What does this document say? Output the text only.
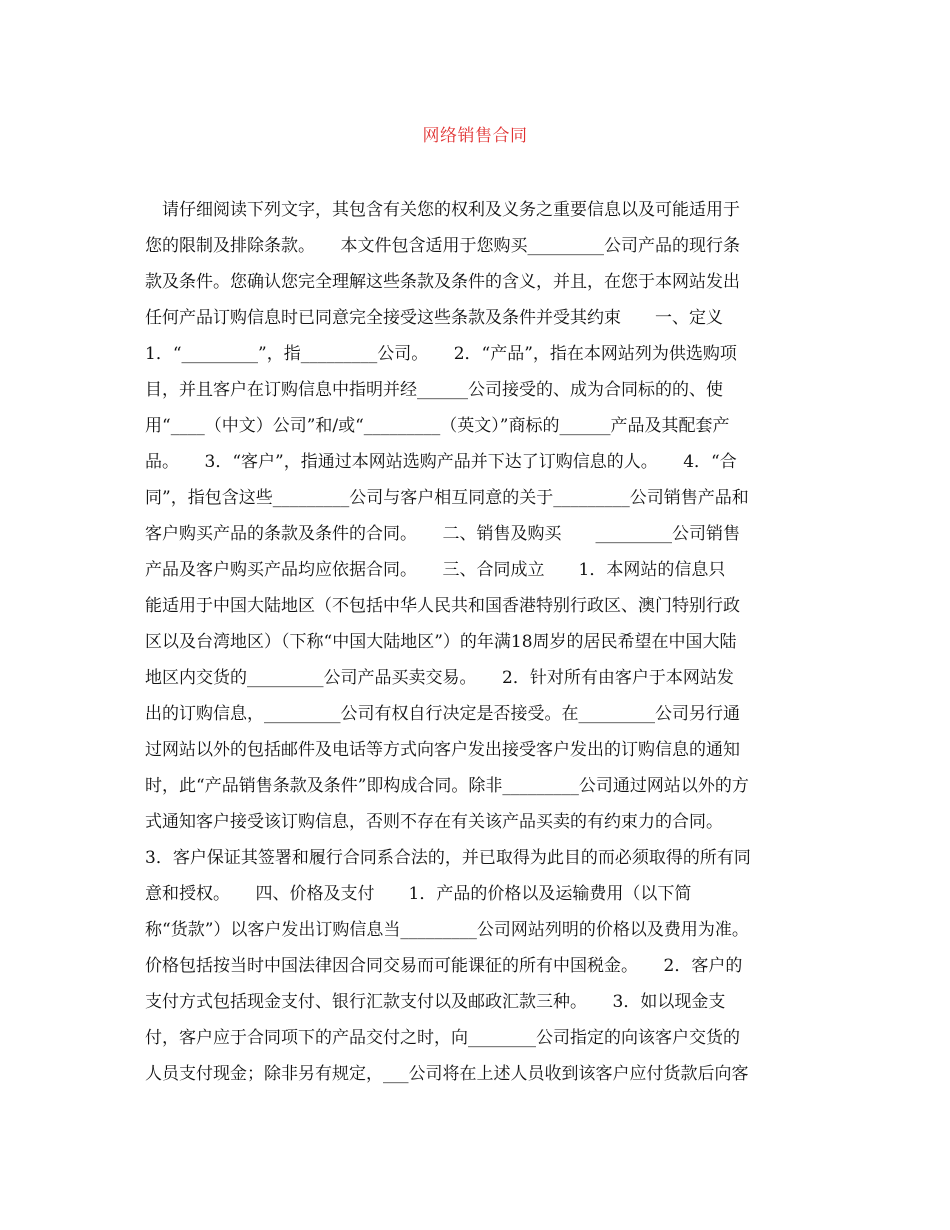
网络销售合同
　请仔细阅读下列文字，其包含有关您的权利及义务之重要信息以及可能适用于
您的限制及排除条款。　　本文件包含适用于您购买_________公司产品的现行条
款及条件。您确认您完全理解这些条款及条件的含义，并且，在您于本网站发出
任何产品订购信息时已同意完全接受这些条款及条件并受其约束　　一、定义
1．“_________”，指_________公司。　　2．“产品”，指在本网站列为供选购项
目，并且客户在订购信息中指明并经______公司接受的、成为合同标的的、使
用“____（中文）公司”和/或“_________（英文）”商标的______产品及其配套产
品。　　3．“客户”，指通过本网站选购产品并下达了订购信息的人。　　4．“合
同”，指包含这些_________公司与客户相互同意的关于_________公司销售产品和
客户购买产品的条款及条件的合同。　　二、销售及购买　　_________公司销售
产品及客户购买产品均应依据合同。　　三、合同成立　　1．本网站的信息只
能适用于中国大陆地区（不包括中华人民共和国香港特别行政区、澳门特别行政
区以及台湾地区）（下称“中国大陆地区”）的年满18周岁的居民希望在中国大陆
地区内交货的_________公司产品买卖交易。　　2．针对所有由客户于本网站发
出的订购信息，_________公司有权自行决定是否接受。在_________公司另行通
过网站以外的包括邮件及电话等方式向客户发出接受客户发出的订购信息的通知
时，此“产品销售条款及条件”即构成合同。除非_________公司通过网站以外的方
式通知客户接受该订购信息，否则不存在有关该产品买卖的有约束力的合同。
3．客户保证其签署和履行合同系合法的，并已取得为此目的而必须取得的所有同
意和授权。　　四、价格及支付　　1．产品的价格以及运输费用（以下简
称“货款”）以客户发出订购信息当_________公司网站列明的价格以及费用为准。
价格包括按当时中国法律因合同交易而可能课征的所有中国税金。　　2．客户的
支付方式包括现金支付、银行汇款支付以及邮政汇款三种。　　3．如以现金支
付，客户应于合同项下的产品交付之时，向________公司指定的向该客户交货的
人员支付现金；除非另有规定，___公司将在上述人员收到该客户应付货款后向客
